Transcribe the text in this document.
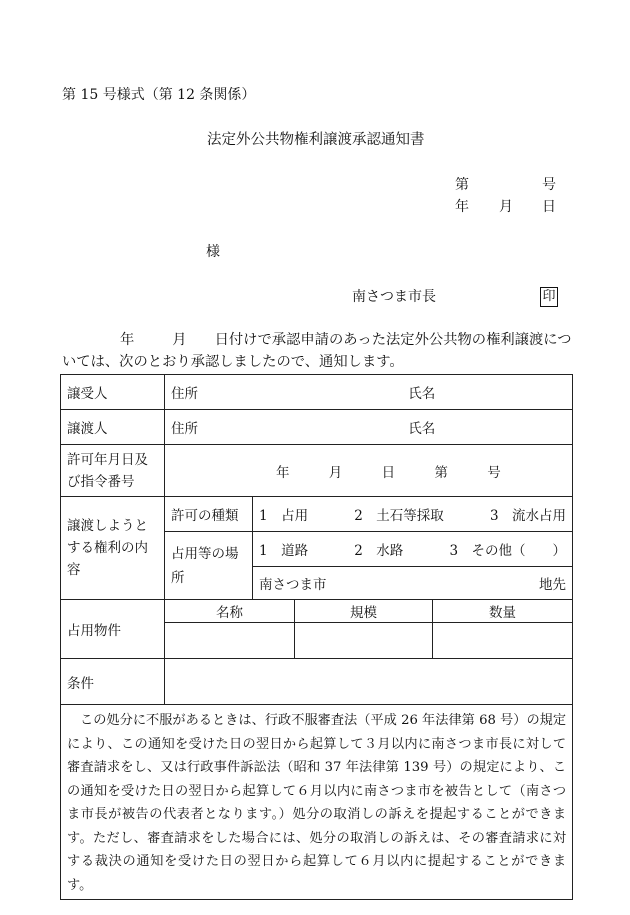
第 15 号様式（第 12 条関係）
法定外公共物権利譲渡承認通知書
第	号
年 月 日
様
南さつま市長	印
年	月 日付けで承認申請のあった法定外公共物の権利譲渡については、次のとおり承認しましたので、通知します。
譲受人	住所 氏名			
譲渡人	住所 氏名			
許可年月日及び指令番号	年 月 日 第 号			
譲渡しようとする権利の内容	許可の種類	1　占用 2　土石等採取 3　流水占用		

	占用等の場所	1　道路 2　水路 3　その他（　　）		

		南さつま市 地先		

占用物件	名称		規模	数量

条件				
この処分に不服があるときは、行政不服審査法（平成 26 年法律第 68 号）の規定により、この通知を受けた日の翌日から起算して３月以内に南さつま市長に対して審査請求をし、又は行政事件訴訟法（昭和 37 年法律第 139 号）の規定により、この通知を受けた日の翌日から起算して６月以内に南さつま市を被告として（南さつま市長が被告の代表者となります。）処分の取消しの訴えを提起することができます。ただし、審査請求をした場合には、処分の取消しの訴えは、その審査請求に対する裁決の通知を受けた日の翌日から起算して６月以内に提起することができます。				
